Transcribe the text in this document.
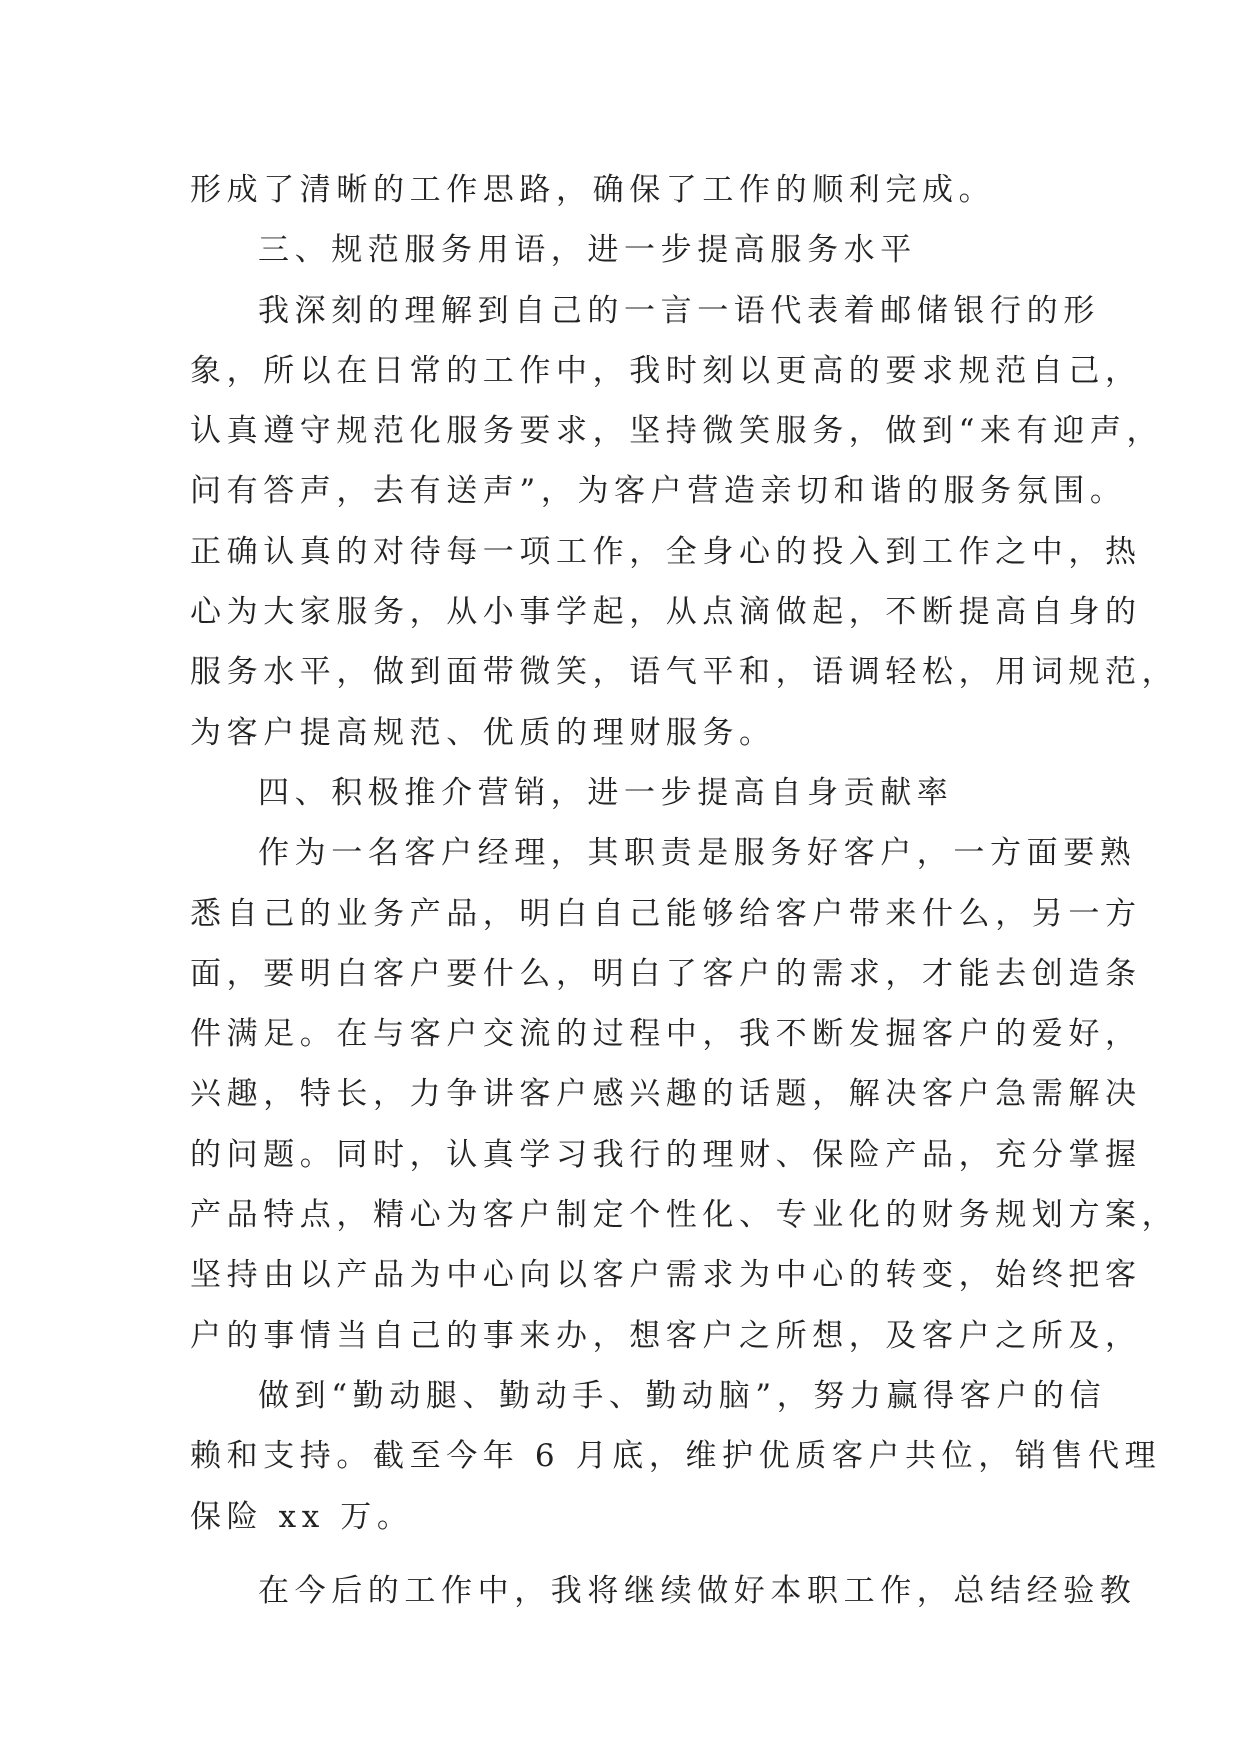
形成了清晰的工作思路，确保了工作的顺利完成。
三、规范服务用语，进一步提高服务水平
我深刻的理解到自己的一言一语代表着邮储银行的形
象，所以在日常的工作中，我时刻以更高的要求规范自己，
认真遵守规范化服务要求，坚持微笑服务，做到“来有迎声，
问有答声，去有送声”，为客户营造亲切和谐的服务氛围。
正确认真的对待每一项工作，全身心的投入到工作之中，热
心为大家服务，从小事学起，从点滴做起，不断提高自身的
服务水平，做到面带微笑，语气平和，语调轻松，用词规范，
为客户提高规范、优质的理财服务。
四、积极推介营销，进一步提高自身贡献率
作为一名客户经理，其职责是服务好客户，一方面要熟
悉自己的业务产品，明白自己能够给客户带来什么，另一方
面，要明白客户要什么，明白了客户的需求，才能去创造条
件满足。在与客户交流的过程中，我不断发掘客户的爱好，
兴趣，特长，力争讲客户感兴趣的话题，解决客户急需解决
的问题。同时，认真学习我行的理财、保险产品，充分掌握
产品特点，精心为客户制定个性化、专业化的财务规划方案，
坚持由以产品为中心向以客户需求为中心的转变，始终把客
户的事情当自己的事来办，想客户之所想，及客户之所及，
做到“勤动腿、勤动手、勤动脑”，努力赢得客户的信
赖和支持。截至今年 6 月底，维护优质客户共位，销售代理
保险 xx 万。
在今后的工作中，我将继续做好本职工作，总结经验教
